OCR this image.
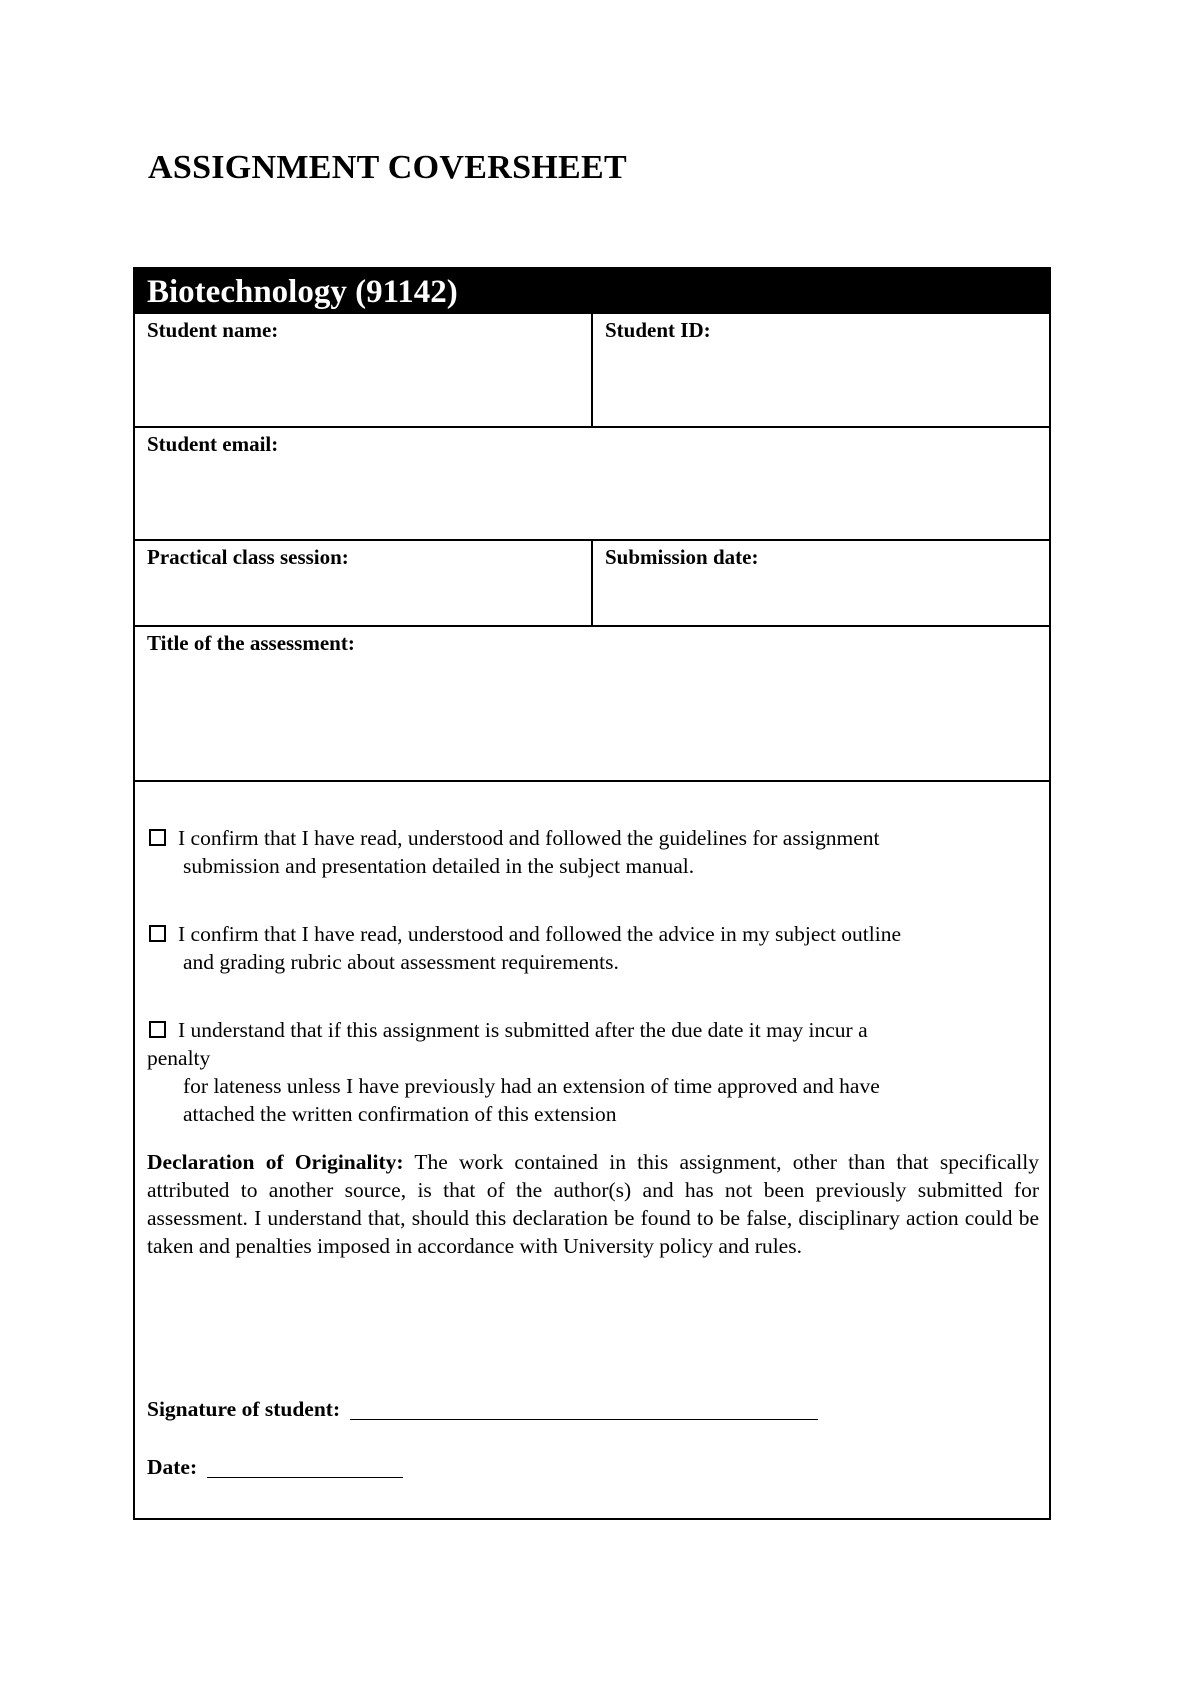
ASSIGNMENT COVERSHEET
Biotechnology (91142)
Student name:	Student ID:
Student email:
Practical class session:	Submission date:
Title of the assessment:

I confirm that I have read, understood and followed the guidelines for assignment
submission and presentation detailed in the subject manual.

I confirm that I have read, understood and followed the advice in my subject outline
and grading rubric about assessment requirements.

I understand that if this assignment is submitted after the due date it may incur a
penalty
for lateness unless I have previously had an extension of time approved and have
attached the written confirmation of this extension

Declaration of Originality: The work contained in this assignment, other than that specifically attributed to another source, is that of the author(s) and has not been previously submitted for assessment. I understand that, should this declaration be found to be false, disciplinary action could be taken and penalties imposed in accordance with University policy and rules.

Signature of student:
Date:
